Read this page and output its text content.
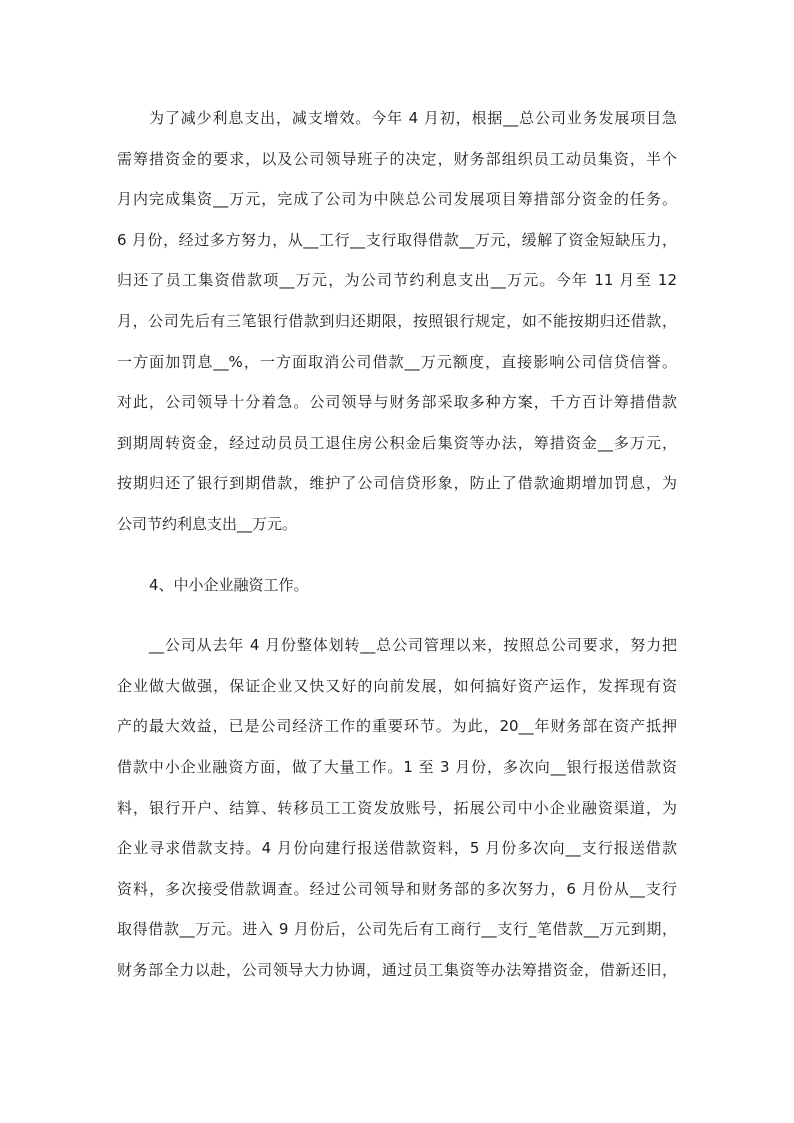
为了减少利息支出，减支增效。今年 4 月初，根据__总公司业务发展项目急
需筹措资金的要求，以及公司领导班子的决定，财务部组织员工动员集资，半个
月内完成集资__万元，完成了公司为中陕总公司发展项目筹措部分资金的任务。
6 月份，经过多方努力，从__工行__支行取得借款__万元，缓解了资金短缺压力，
归还了员工集资借款项__万元，为公司节约利息支出__万元。今年 11 月至 12
月，公司先后有三笔银行借款到归还期限，按照银行规定，如不能按期归还借款，
一方面加罚息__%，一方面取消公司借款__万元额度，直接影响公司信贷信誉。
对此，公司领导十分着急。公司领导与财务部采取多种方案，千方百计筹措借款
到期周转资金，经过动员员工退住房公积金后集资等办法，筹措资金__多万元，
按期归还了银行到期借款，维护了公司信贷形象，防止了借款逾期增加罚息，为
公司节约利息支出__万元。
4、中小企业融资工作。
__公司从去年 4 月份整体划转__总公司管理以来，按照总公司要求，努力把
企业做大做强，保证企业又快又好的向前发展，如何搞好资产运作，发挥现有资
产的最大效益，已是公司经济工作的重要环节。为此，20__年财务部在资产抵押
借款中小企业融资方面，做了大量工作。1 至 3 月份，多次向__银行报送借款资
料，银行开户、结算、转移员工工资发放账号，拓展公司中小企业融资渠道，为
企业寻求借款支持。4 月份向建行报送借款资料，5 月份多次向__支行报送借款
资料，多次接受借款调查。经过公司领导和财务部的多次努力，6 月份从__支行
取得借款__万元。进入 9 月份后，公司先后有工商行__支行_笔借款__万元到期，
财务部全力以赴，公司领导大力协调，通过员工集资等办法筹措资金，借新还旧，
